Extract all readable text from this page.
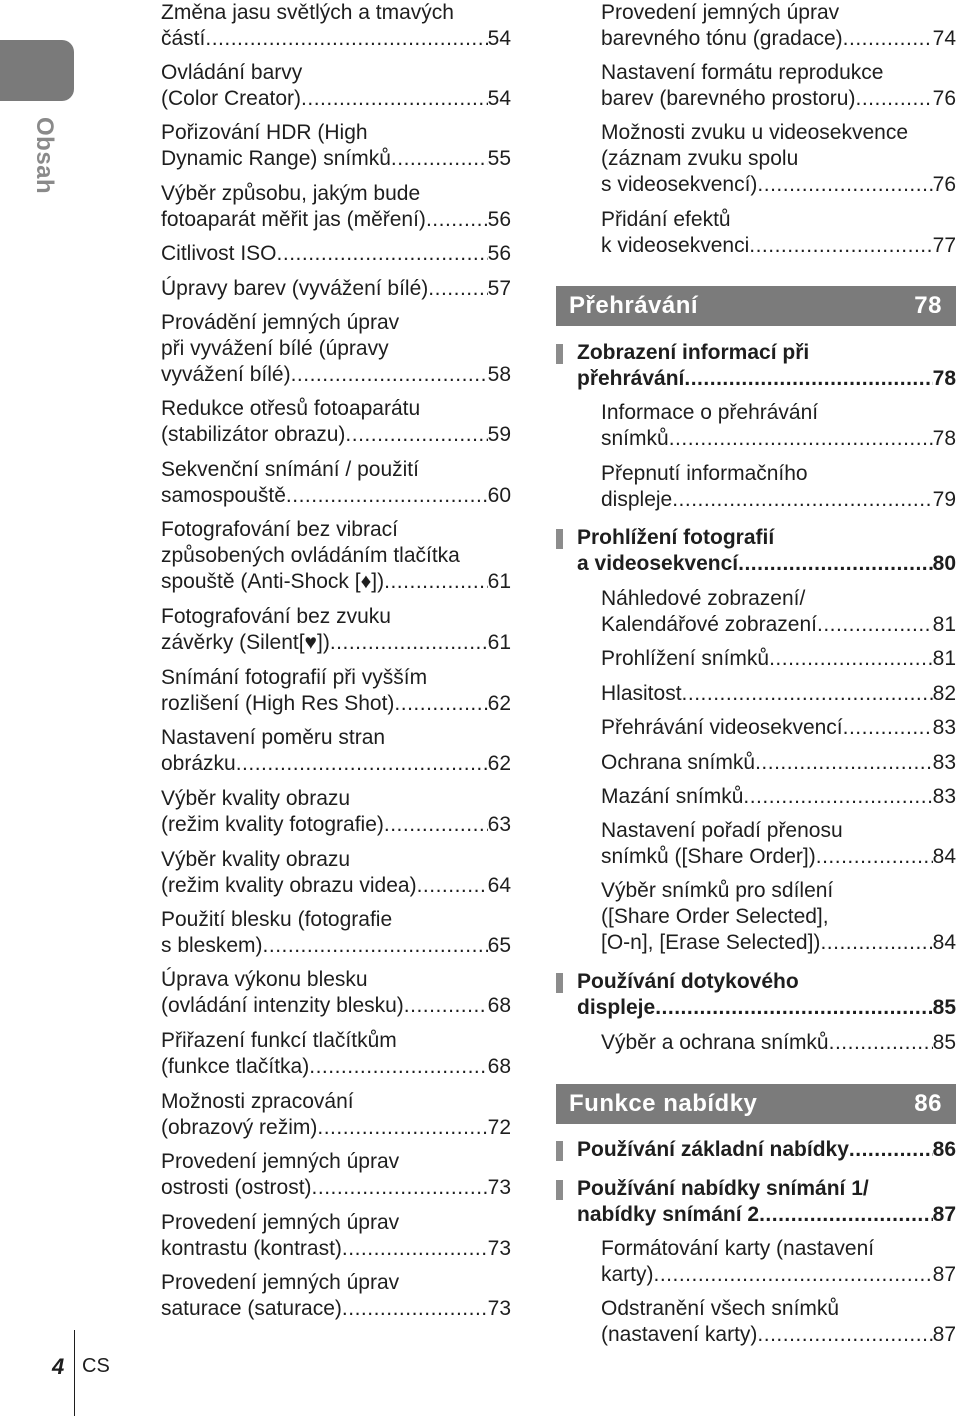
Obsah
4 CS
Změna jasu světlých a tmavých
částí .....	54
Ovládání barvy
(Color Creator) .....	54
Pořizování HDR (High
Dynamic Range) snímků .....	55
Výběr způsobu, jakým bude
fotoaparát měřit jas (měření) .....	56
Citlivost ISO .....	56
Úpravy barev (vyvážení bílé) .....	57
Provádění jemných úprav
při vyvážení bílé (úpravy
vyvážení bílé) .....	58
Redukce otřesů fotoaparátu
(stabilizátor obrazu) .....	59
Sekvenční snímání / použití
samospouště .....	60
Fotografování bez vibrací
způsobených ovládáním tlačítka
spouště (Anti-Shock [♦]) .....	61
Fotografování bez zvuku
závěrky (Silent[♥]) .....	61
Snímání fotografií při vyšším
rozlišení (High Res Shot) .....	62
Nastavení poměru stran
obrázku .....	62
Výběr kvality obrazu
(režim kvality fotografie) .....	63
Výběr kvality obrazu
(režim kvality obrazu videa) .....	64
Použití blesku (fotografie
s bleskem) .....	65
Úprava výkonu blesku
(ovládání intenzity blesku) .....	68
Přiřazení funkcí tlačítkům
(funkce tlačítka) .....	68
Možnosti zpracování
(obrazový režim) .....	72
Provedení jemných úprav
ostrosti (ostrost) .....	73
Provedení jemných úprav
kontrastu (kontrast) .....	73
Provedení jemných úprav
saturace (saturace) .....	73
Provedení jemných úprav
barevného tónu (gradace) .....	74
Nastavení formátu reprodukce
barev (barevného prostoru) .....	76
Možnosti zvuku u videosekvence
(záznam zvuku spolu
s videosekvencí) .....	76
Přidání efektů
k videosekvenci .....	77
Přehrávání	78
Zobrazení informací při
přehrávání .....	78
Informace o přehrávání
snímků .....	78
Přepnutí informačního
displeje .....	79
Prohlížení fotografií
a videosekvencí .....	80
Náhledové zobrazení/
Kalendářové zobrazení .....	81
Prohlížení snímků .....	81
Hlasitost .....	82
Přehrávání videosekvencí .....	83
Ochrana snímků .....	83
Mazání snímků .....	83
Nastavení pořadí přenosu
snímků ([Share Order]) .....	84
Výběr snímků pro sdílení
([Share Order Selected],
[O‑n], [Erase Selected]) .....	84
Používání dotykového
displeje .....	85
Výběr a ochrana snímků .....	85
Funkce nabídky	86
Používání základní nabídky .....	86
Používání nabídky snímání 1/
nabídky snímání 2 .....	87
Formátování karty (nastavení
karty) .....	87
Odstranění všech snímků
(nastavení karty) .....	87
